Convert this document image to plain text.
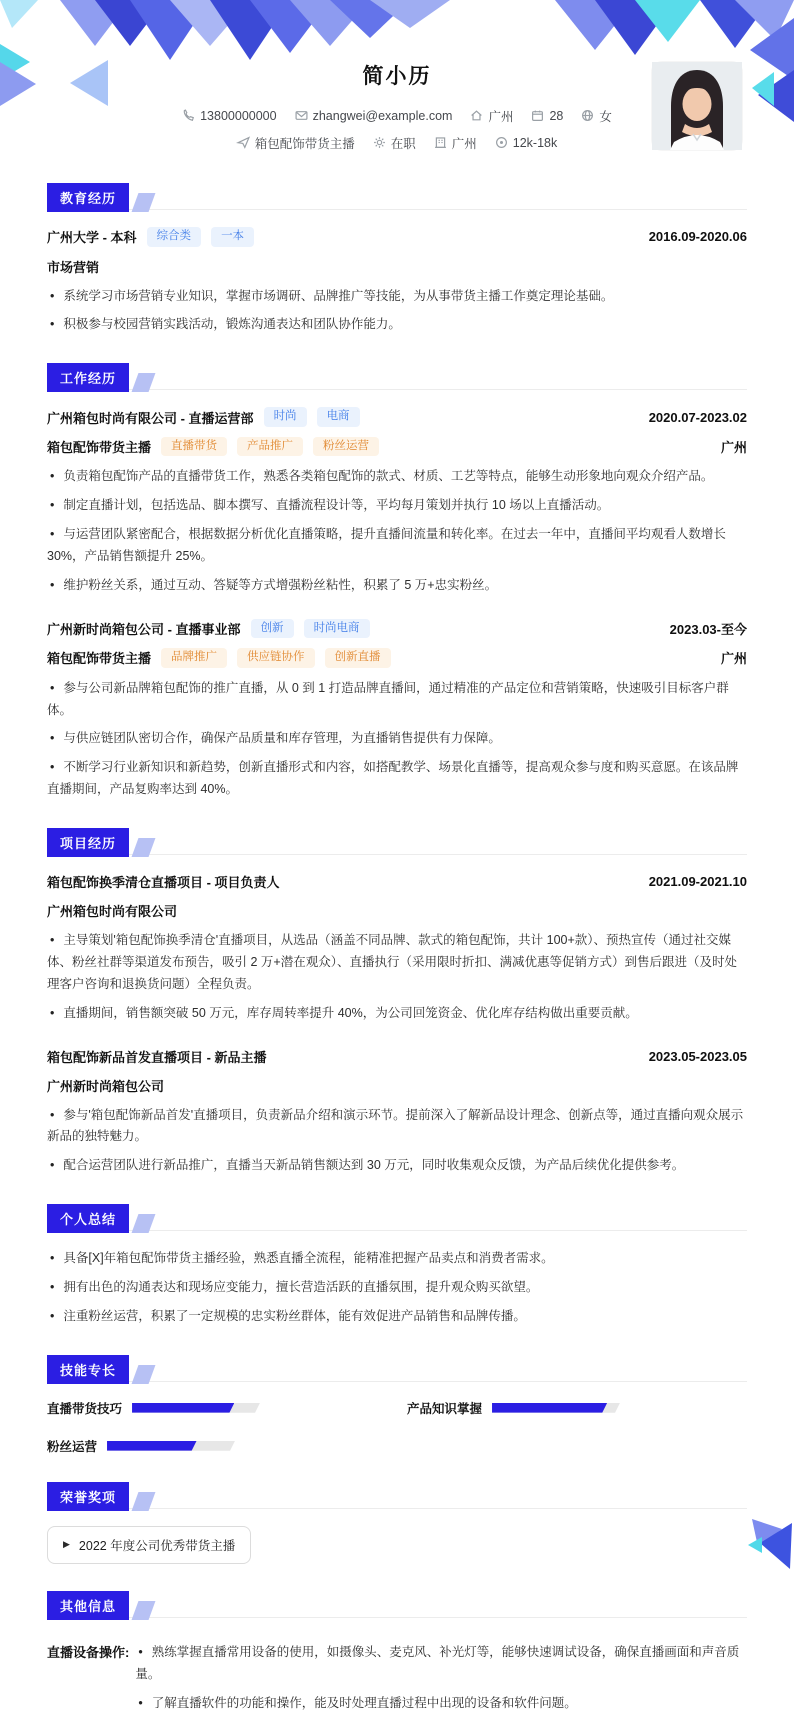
简小历
13800000000	zhangwei@example.com	广州	28	女
箱包配饰带货主播	在职	广州	12k-18k
教育经历
广州大学 - 本科	综合类	一本	2016.09-2020.06
市场营销
• 系统学习市场营销专业知识，掌握市场调研、品牌推广等技能，为从事带货主播工作奠定理论基础。
• 积极参与校园营销实践活动，锻炼沟通表达和团队协作能力。
工作经历
广州箱包时尚有限公司 - 直播运营部	时尚	电商	2020.07-2023.02
箱包配饰带货主播	直播带货	产品推广	粉丝运营	广州
• 负责箱包配饰产品的直播带货工作，熟悉各类箱包配饰的款式、材质、工艺等特点，能够生动形象地向观众介绍产品。
• 制定直播计划，包括选品、脚本撰写、直播流程设计等，平均每月策划并执行 10 场以上直播活动。
• 与运营团队紧密配合，根据数据分析优化直播策略，提升直播间流量和转化率。在过去一年中，直播间平均观看人数增长 30%，产品销售额提升 25%。
• 维护粉丝关系，通过互动、答疑等方式增强粉丝粘性，积累了 5 万+忠实粉丝。
广州新时尚箱包公司 - 直播事业部	创新	时尚电商	2023.03-至今
箱包配饰带货主播	品牌推广	供应链协作	创新直播	广州
• 参与公司新品牌箱包配饰的推广直播，从 0 到 1 打造品牌直播间，通过精准的产品定位和营销策略，快速吸引目标客户群体。
• 与供应链团队密切合作，确保产品质量和库存管理，为直播销售提供有力保障。
• 不断学习行业新知识和新趋势，创新直播形式和内容，如搭配教学、场景化直播等，提高观众参与度和购买意愿。在该品牌直播期间，产品复购率达到 40%。
项目经历
箱包配饰换季清仓直播项目 - 项目负责人	2021.09-2021.10
广州箱包时尚有限公司
• 主导策划'箱包配饰换季清仓'直播项目，从选品（涵盖不同品牌、款式的箱包配饰，共计 100+款）、预热宣传（通过社交媒体、粉丝社群等渠道发布预告，吸引 2 万+潜在观众）、直播执行（采用限时折扣、满减优惠等促销方式）到售后跟进（及时处理客户咨询和退换货问题）全程负责。
• 直播期间，销售额突破 50 万元，库存周转率提升 40%，为公司回笼资金、优化库存结构做出重要贡献。
箱包配饰新品首发直播项目 - 新品主播	2023.05-2023.05
广州新时尚箱包公司
• 参与'箱包配饰新品首发'直播项目，负责新品介绍和演示环节。提前深入了解新品设计理念、创新点等，通过直播向观众展示新品的独特魅力。
• 配合运营团队进行新品推广，直播当天新品销售额达到 30 万元，同时收集观众反馈，为产品后续优化提供参考。
个人总结
• 具备[X]年箱包配饰带货主播经验，熟悉直播全流程，能精准把握产品卖点和消费者需求。
• 拥有出色的沟通表达和现场应变能力，擅长营造活跃的直播氛围，提升观众购买欲望。
• 注重粉丝运营，积累了一定规模的忠实粉丝群体，能有效促进产品销售和品牌传播。
技能专长
直播带货技巧	产品知识掌握
粉丝运营
荣誉奖项
▶ 2022 年度公司优秀带货主播
其他信息
直播设备操作: • 熟练掌握直播常用设备的使用，如摄像头、麦克风、补光灯等，能够快速调试设备，确保直播画面和声音质量。
• 了解直播软件的功能和操作，能及时处理直播过程中出现的设备和软件问题。
